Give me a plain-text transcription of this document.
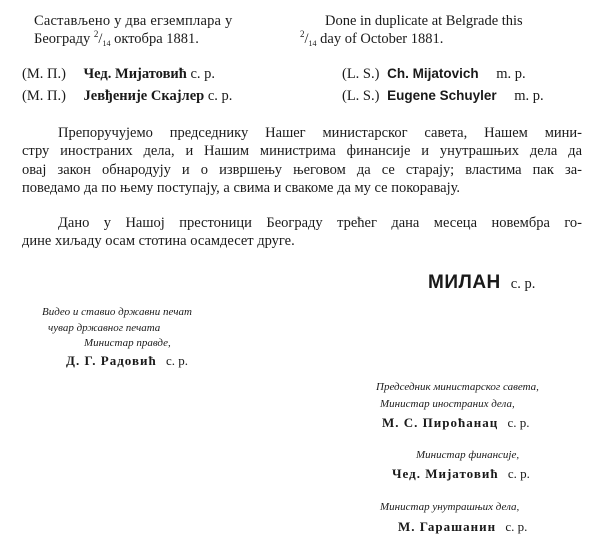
Састављено у два егземплара у
Београду $^2/_{14}$ октобра 1881.
Done in duplicate at Belgrade this
$^2/_{14}$ day of October 1881.
(М. П.) Чед. Мијатовић с. р.
(М. П.) Јевђеније Скајлер с. р.
(L. S.) Ch. Mijatovich m. p.
(L. S.) Eugene Schuyler m. p.
Препоручујемо председнику Нашег министарског савета, Нашем мини-
стру иностраних дела, и Нашим министрима финансије и унутрашњих дела да
овај закон обнародују и о извршењу његовом да се старају; властима пак за-
поведамо да по њему поступају, а свима и свакоме да му се покоравају.
Дано у Нашој престоници Београду трећег дана месеца новембра го-
дине хиљаду осам стотина осамдесет друге.
МИЛАН с. р.
Видео и ставио државни печат
чувар државног печата
Министар правде,
Д. Г. Радовић с. р.
Председник министарског савета,
Министар иностраних дела,
М. С. Пироћанац с. р.
Министар финансије,
Чед. Мијатовић с. р.
Министар унутрашњих дела,
М. Гарашанин с. р.
